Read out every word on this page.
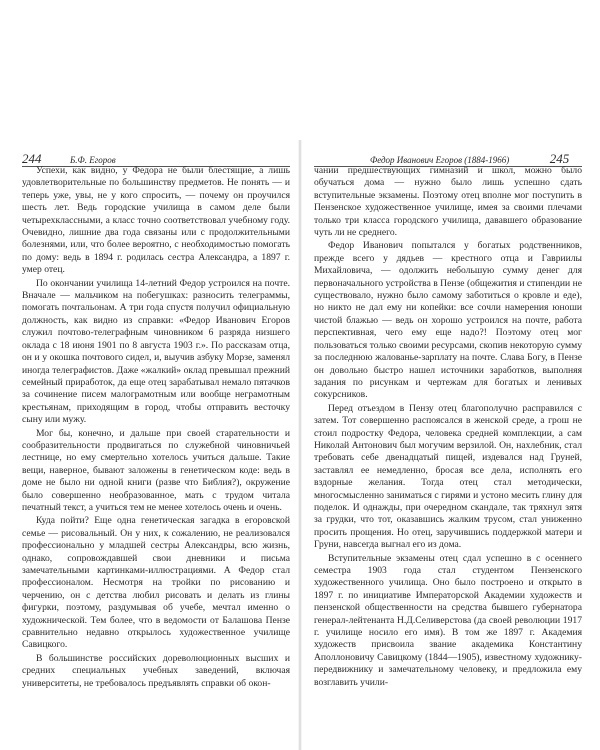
244	Б.Ф. Егоров	Федор Иванович Егоров (1884-1966)	245

Успехи, как видно, у Федора не были блестящие, а лишь удовлетворительные по большинству предметов. Не понять — и теперь уже, увы, не у кого спросить, — почему он проучился шесть лет. Ведь городские училища в самом деле были четырехклассными, а класс точно соответствовал учебному году. Очевидно, лишние два года связаны или с продолжительными болезнями, или, что более вероятно, с необходимостью помогать по дому: ведь в 1894 г. родилась сестра Александра, а 1897 г. умер отец.

По окончании училища 14-летний Федор устроился на почте. Вначале — мальчиком на побегушках: разносить телеграммы, помогать почтальонам. А три года спустя получил официальную должность, как видно из справки: «Федор Иванович Егоров служил почтово-телеграфным чиновником 6 разряда низшего оклада с 18 июня 1901 по 8 августа 1903 г.». По рассказам отца, он и у окошка почтового сидел, и, выучив азбуку Морзе, заменял иногда телеграфистов. Даже «жалкий» оклад превышал прежний семейный приработок, да еще отец зарабатывал немало пятачков за сочинение писем малограмотным или вообще неграмотным крестьянам, приходящим в город, чтобы отправить весточку сыну или мужу.

Мог бы, конечно, и дальше при своей старательности и сообразительности продвигаться по служебной чиновничьей лестнице, но ему смертельно хотелось учиться дальше. Такие вещи, наверное, бывают заложены в генетическом коде: ведь в доме не было ни одной книги (разве что Библия?), окружение было совершенно необразованное, мать с трудом читала печатный текст, а учиться тем не менее хотелось очень и очень.

Куда пойти? Еще одна генетическая загадка в егоровской семье — рисовальный. Он у них, к сожалению, не реализовался профессионально у младшей сестры Александры, всю жизнь, однако, сопровождавшей свои дневники и письма замечательными картинками-иллюстрациями. А Федор стал профессионалом. Несмотря на тройки по рисованию и черчению, он с детства любил рисовать и делать из глины фигурки, поэтому, раздумывая об учебе, мечтал именно о художнической. Тем более, что в ведомости от Балашова Пензе сравнительно недавно открылось художественное училище Савицкого.

В большинстве российских дореволюционных высших и средних специальных учебных заведений, включая университеты, не требовалось предъявлять справки об окон-

чании предшествующих гимназий и школ, можно было обучаться дома — нужно было лишь успешно сдать вступительные экзамены. Поэтому отец вполне мог поступить в Пензенское художественное училище, имея за своими плечами только три класса городского училища, дававшего образование чуть ли не среднего.

Федор Иванович попытался у богатых родственников, прежде всего у дядьев — крестного отца и Гавриилы Михайловича, — одолжить небольшую сумму денег для первоначального устройства в Пензе (общежития и стипендии не существовало, нужно было самому заботиться о кровле и еде), но никто не дал ему ни копейки: все сочли намерения юноши чистой блажью — ведь он хорошо устроился на почте, работа перспективная, чего ему еще надо?! Поэтому отец мог пользоваться только своими ресурсами, скопив некоторую сумму за последнюю жалованье-зарплату на почте. Слава Богу, в Пензе он довольно быстро нашел источники заработков, выполняя задания по рисункам и чертежам для богатых и ленивых сокурсников.

Перед отъездом в Пензу отец благополучно расправился с затем. Тот совершенно распоясался в женской среде, а грош не стоил подростку Федора, человека средней комплекции, а сам Николай Антонович был могучим верзилой. Он, нахлебник, стал требовать себе двенадцатый пищей, издевался над Груней, заставлял ее немедленно, бросая все дела, исполнять его вздорные желания. Тогда отец стал методически, многосмысленно заниматься с гирями и устоно месить глину для поделок. И однажды, при очередном скандале, так тряхнул зятя за грудки, что тот, оказавшись жалким трусом, стал униженно просить прощения. Но отец, заручившись поддержкой матери и Груни, навсегда выгнал его из дома.

Вступительные экзамены отец сдал успешно в с осеннего семестра 1903 года стал студентом Пензенского художественного училища. Оно было построено и открыто в 1897 г. по инициативе Императорской Академии художеств и пензенской общественности на средства бывшего губернатора генерал-лейтенанта Н.Д.Селиверстова (да своей революции 1917 г. училище носило его имя). В том же 1897 г. Академия художеств присвоила звание академика Константину Аполлоновичу Савицкому (1844—1905), известному художнику-передвижнику и замечательному человеку, и предложила ему возглавить учили-
